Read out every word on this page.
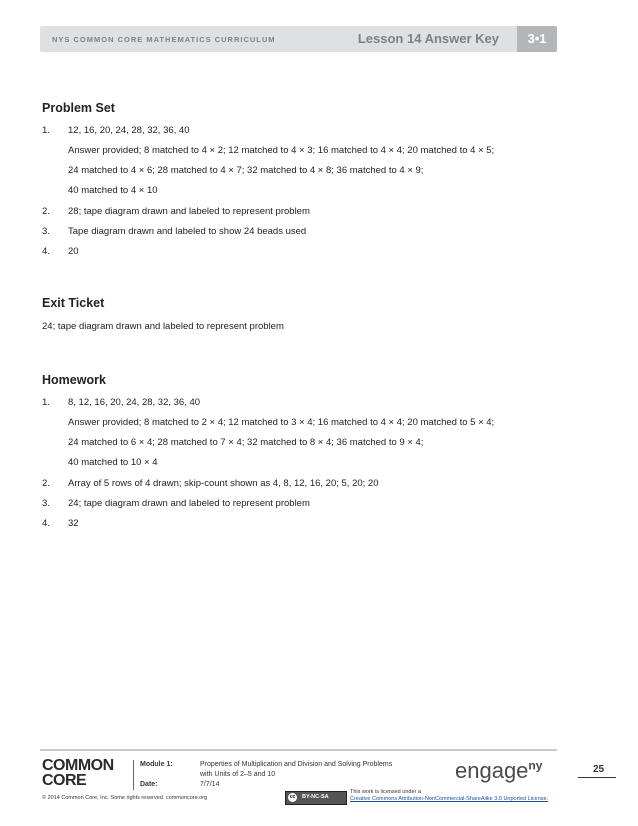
NYS COMMON CORE MATHEMATICS CURRICULUM	Lesson 14 Answer Key	3•1
Problem Set
1. 12, 16, 20, 24, 28, 32, 36, 40
Answer provided; 8 matched to 4 × 2; 12 matched to 4 × 3; 16 matched to 4 × 4; 20 matched to 4 × 5;
24 matched to 4 × 6; 28 matched to 4 × 7; 32 matched to 4 × 8; 36 matched to 4 × 9;
40 matched to 4 × 10
2. 28; tape diagram drawn and labeled to represent problem
3. Tape diagram drawn and labeled to show 24 beads used
4. 20
Exit Ticket
24; tape diagram drawn and labeled to represent problem
Homework
1. 8, 12, 16, 20, 24, 28, 32, 36, 40
Answer provided; 8 matched to 2 × 4; 12 matched to 3 × 4; 16 matched to 4 × 4; 20 matched to 5 × 4;
24 matched to 6 × 4; 28 matched to 7 × 4; 32 matched to 8 × 4; 36 matched to 9 × 4;
40 matched to 10 × 4
2. Array of 5 rows of 4 drawn; skip-count shown as 4, 8, 12, 16, 20; 5, 20; 20
3. 24; tape diagram drawn and labeled to represent problem
4. 32
COMMON
CORE
Module 1:	Properties of Multiplication and Division and Solving Problems
with Units of 2–5 and 10
Date:	7/7/14
engage$^{ny}$	25
© 2014 Common Core, Inc. Some rights reserved. commoncore.org	cc	BY-NC-SA
This work is licensed under a
Creative Commons Attribution-NonCommercial-ShareAlike 3.0 Unported License.
